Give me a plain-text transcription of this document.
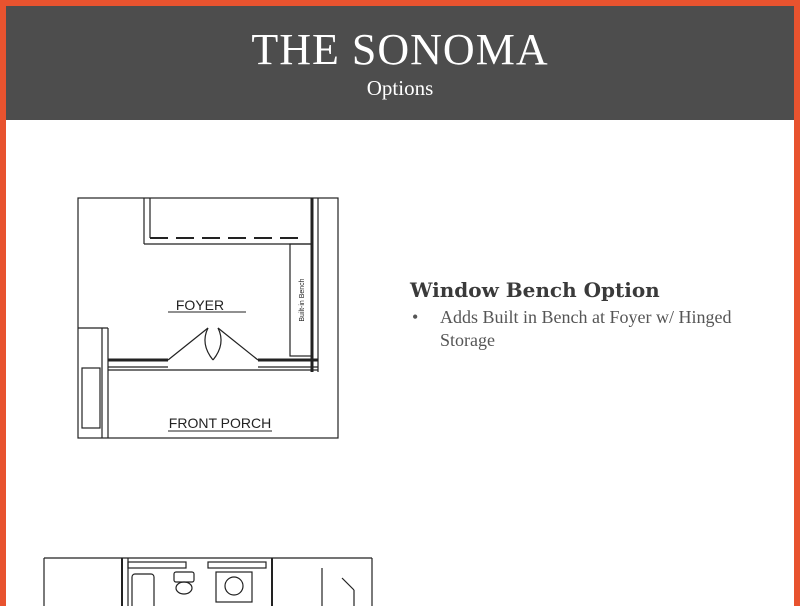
THE SONOMA
Options
FOYER
FRONT PORCH
Built-in Bench	Window Bench Option
• Adds Built in Bench at Foyer w/ Hinged Storage
